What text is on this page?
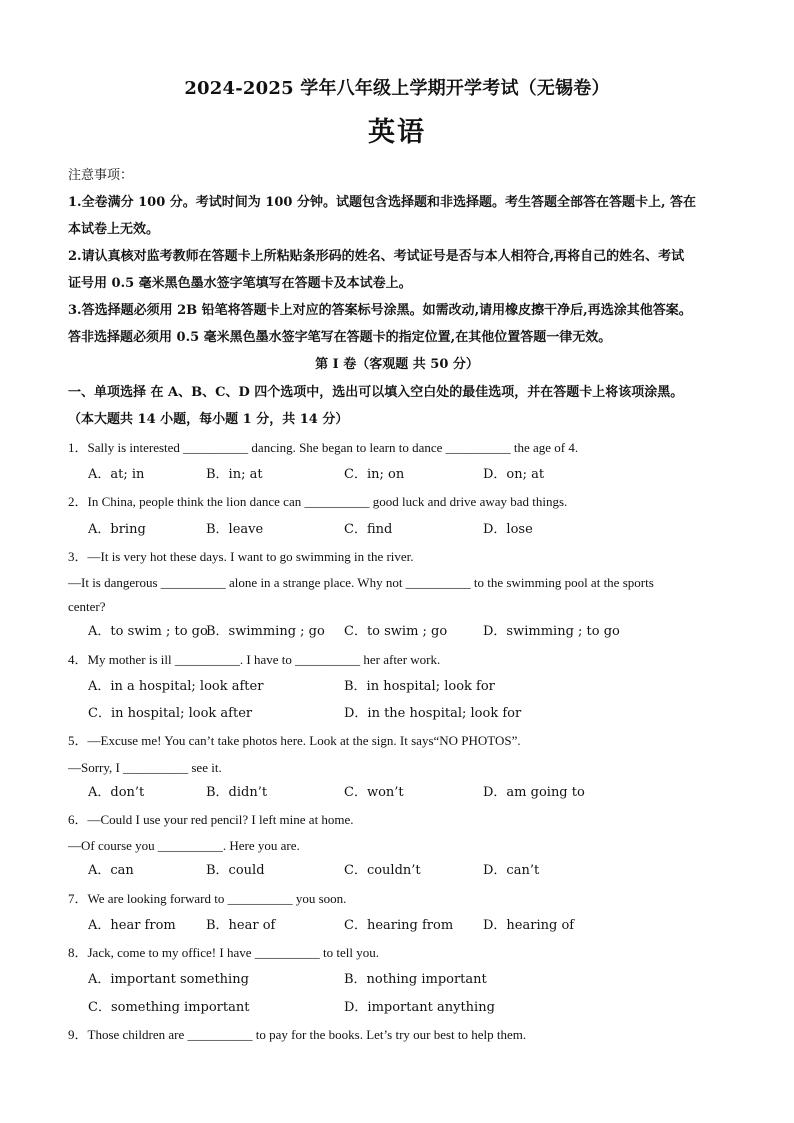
2024-2025 学年八年级上学期开学考试（无锡卷）
英语
注意事项：
1.全卷满分 100 分。考试时间为 100 分钟。试题包含选择题和非选择题。考生答题全部答在答题卡上, 答在
本试卷上无效。
2.请认真核对监考教师在答题卡上所粘贴条形码的姓名、考试证号是否与本人相符合,再将自己的姓名、考试
证号用 0.5 毫米黑色墨水签字笔填写在答题卡及本试卷上。
3.答选择题必须用 2B 铅笔将答题卡上对应的答案标号涂黑。如需改动,请用橡皮擦干净后,再选涂其他答案。
答非选择题必须用 0.5 毫米黑色墨水签字笔写在答题卡的指定位置,在其他位置答题一律无效。
第 I 卷（客观题 共 50 分）
一、单项选择 在 A、B、C、D 四个选项中，选出可以填入空白处的最佳选项，并在答题卡上将该项涂黑。
（本大题共 14 小题，每小题 1 分，共 14 分）
1．Sally is interested __________ dancing. She began to learn to dance __________ the age of 4.
A．at; in	B．in; at	C．in; on	D．on; at
2．In China, people think the lion dance can __________ good luck and drive away bad things.
A．bring	B．leave	C．find	D．lose
3．—It is very hot these days. I want to go swimming in the river.
—It is dangerous __________ alone in a strange place. Why not __________ to the swimming pool at the sports
center?
A．to swim ; to go
B．swimming ; go C．to swim ; go	D．swimming ; to go
4．My mother is ill __________. I have to __________ her after work.
A．in a hospital; look after	B．in hospital; look for
C．in hospital; look after	D．in the hospital; look for
5．—Excuse me! You can’t take photos here. Look at the sign. It says“NO PHOTOS”.
—Sorry, I __________ see it.
A．don’t	B．didn’t	C．won’t	D．am going to
6．—Could I use your red pencil? I left mine at home.
—Of course you __________. Here you are.
A．can	B．could	C．couldn’t	D．can’t
7．We are looking forward to __________ you soon.
A．hear from B．hear of	C．hearing from D．hearing of
8．Jack, come to my office! I have __________ to tell you.
A．important something	B．nothing important
C．something important	D．important anything
9．Those children are __________ to pay for the books. Let’s try our best to help them.
